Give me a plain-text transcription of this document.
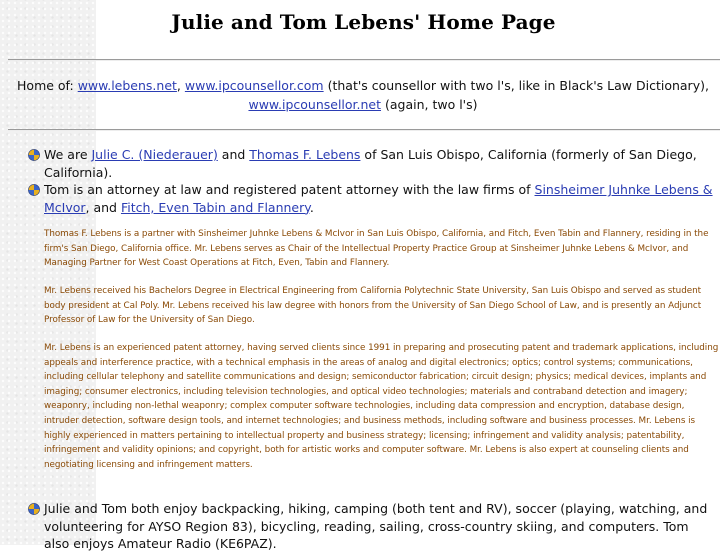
Julie and Tom Lebens' Home Page
Home of: www.lebens.net, www.ipcounsellor.com (that's counsellor with two l's, like in Black's Law Dictionary),
www.ipcounsellor.net (again, two l's)
We are Julie C. (Niederauer) and Thomas F. Lebens of San Luis Obispo, California (formerly of San Diego, California).
Tom is an attorney at law and registered patent attorney with the law firms of Sinsheimer Juhnke Lebens & McIvor, and Fitch, Even Tabin and Flannery.
Thomas F. Lebens is a partner with Sinsheimer Juhnke Lebens & McIvor in San Luis Obispo, California, and Fitch, Even Tabin and Flannery, residing in the firm's San Diego, California office. Mr. Lebens serves as Chair of the Intellectual Property Practice Group at Sinsheimer Juhnke Lebens & McIvor, and Managing Partner for West Coast Operations at Fitch, Even, Tabin and Flannery.
Mr. Lebens received his Bachelors Degree in Electrical Engineering from California Polytechnic State University, San Luis Obispo and served as student body president at Cal Poly. Mr. Lebens received his law degree with honors from the University of San Diego School of Law, and is presently an Adjunct Professor of Law for the University of San Diego.
Mr. Lebens is an experienced patent attorney, having served clients since 1991 in preparing and prosecuting patent and trademark applications, including appeals and interference practice, with a technical emphasis in the areas of analog and digital electronics; optics; control systems; communications, including cellular telephony and satellite communications and design; semiconductor fabrication; circuit design; physics; medical devices, implants and imaging; consumer electronics, including television technologies, and optical video technologies; materials and contraband detection and imagery; weaponry, including non-lethal weaponry; complex computer software technologies, including data compression and encryption, database design, intruder detection, software design tools, and internet technologies; and business methods, including software and business processes. Mr. Lebens is highly experienced in matters pertaining to intellectual property and business strategy; licensing; infringement and validity analysis; patentability, infringement and validity opinions; and copyright, both for artistic works and computer software. Mr. Lebens is also expert at counseling clients and negotiating licensing and infringement matters.
Julie and Tom both enjoy backpacking, hiking, camping (both tent and RV), soccer (playing, watching, and volunteering for AYSO Region 83), bicycling, reading, sailing, cross-country skiing, and computers. Tom also enjoys Amateur Radio (KE6PAZ).
